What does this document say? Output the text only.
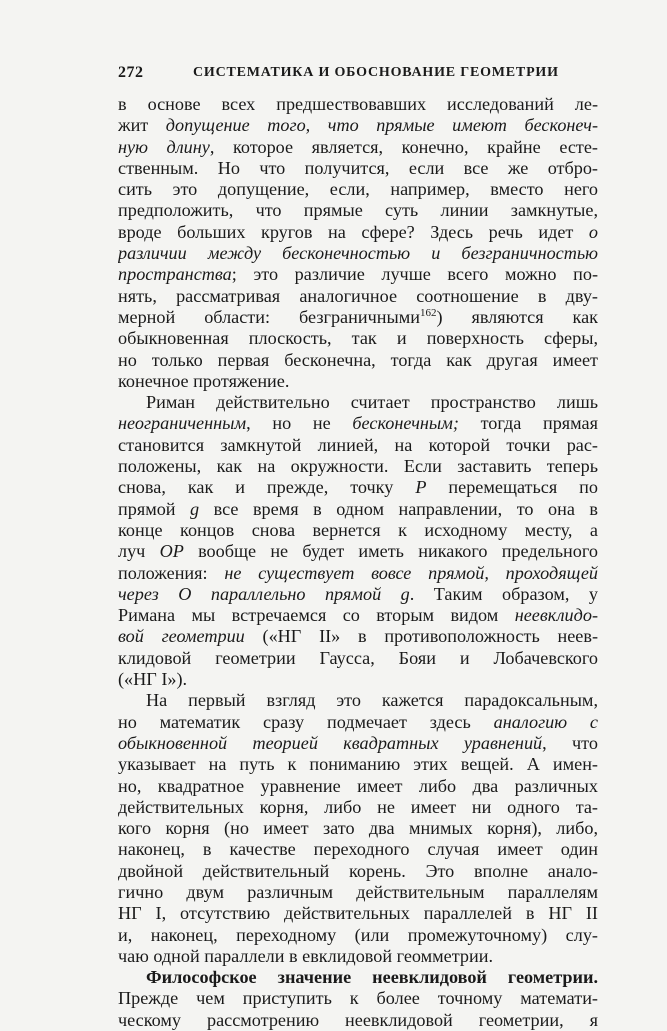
272	СИСТЕМАТИКА И ОБОСНОВАНИЕ ГЕОМЕТРИИ
в основе всех предшествовавших исследований ле-
жит допущение того, что прямые имеют бесконеч-
ную длину, которое является, конечно, крайне есте-
ственным. Но что получится, если все же отбро-
сить это допущение, если, например, вместо него
предположить, что прямые суть линии замкнутые,
вроде больших кругов на сфере? Здесь речь идет о
различии между бесконечностью и безграничностью
пространства; это различие лучше всего можно по-
нять, рассматривая аналогичное соотношение в дву-
мерной области: безграничными$^{162}$) являются как
обыкновенная плоскость, так и поверхность сферы,
но только первая бесконечна, тогда как другая имеет
конечное протяжение.
Риман действительно считает пространство лишь
неограниченным, но не бесконечным; тогда прямая
становится замкнутой линией, на которой точки рас-
положены, как на окружности. Если заставить теперь
снова, как и прежде, точку P перемещаться по
прямой g все время в одном направлении, то она в
конце концов снова вернется к исходному месту, а
луч OP вообще не будет иметь никакого предельного
положения: не существует вовсе прямой, проходящей
через O параллельно прямой g. Таким образом, у
Римана мы встречаемся со вторым видом неевклидо-
вой геометрии («НГ II» в противоположность неев-
клидовой геометрии Гаусса, Бояи и Лобачевского
(«НГ I»).
На первый взгляд это кажется парадоксальным,
но математик сразу подмечает здесь аналогию с
обыкновенной теорией квадратных уравнений, что
указывает на путь к пониманию этих вещей. А имен-
но, квадратное уравнение имеет либо два различных
действительных корня, либо не имеет ни одного та-
кого корня (но имеет зато два мнимых корня), либо,
наконец, в качестве переходного случая имеет один
двойной действительный корень. Это вполне анало-
гично двум различным действительным параллелям
НГ I, отсутствию действительных параллелей в НГ II
и, наконец, переходному (или промежуточному) слу-
чаю одной параллели в евклидовой геомметрии.
Философское значение неевклидовой геометрии.
Прежде чем приступить к более точному математи-
ческому рассмотрению неевклидовой геометрии, я
